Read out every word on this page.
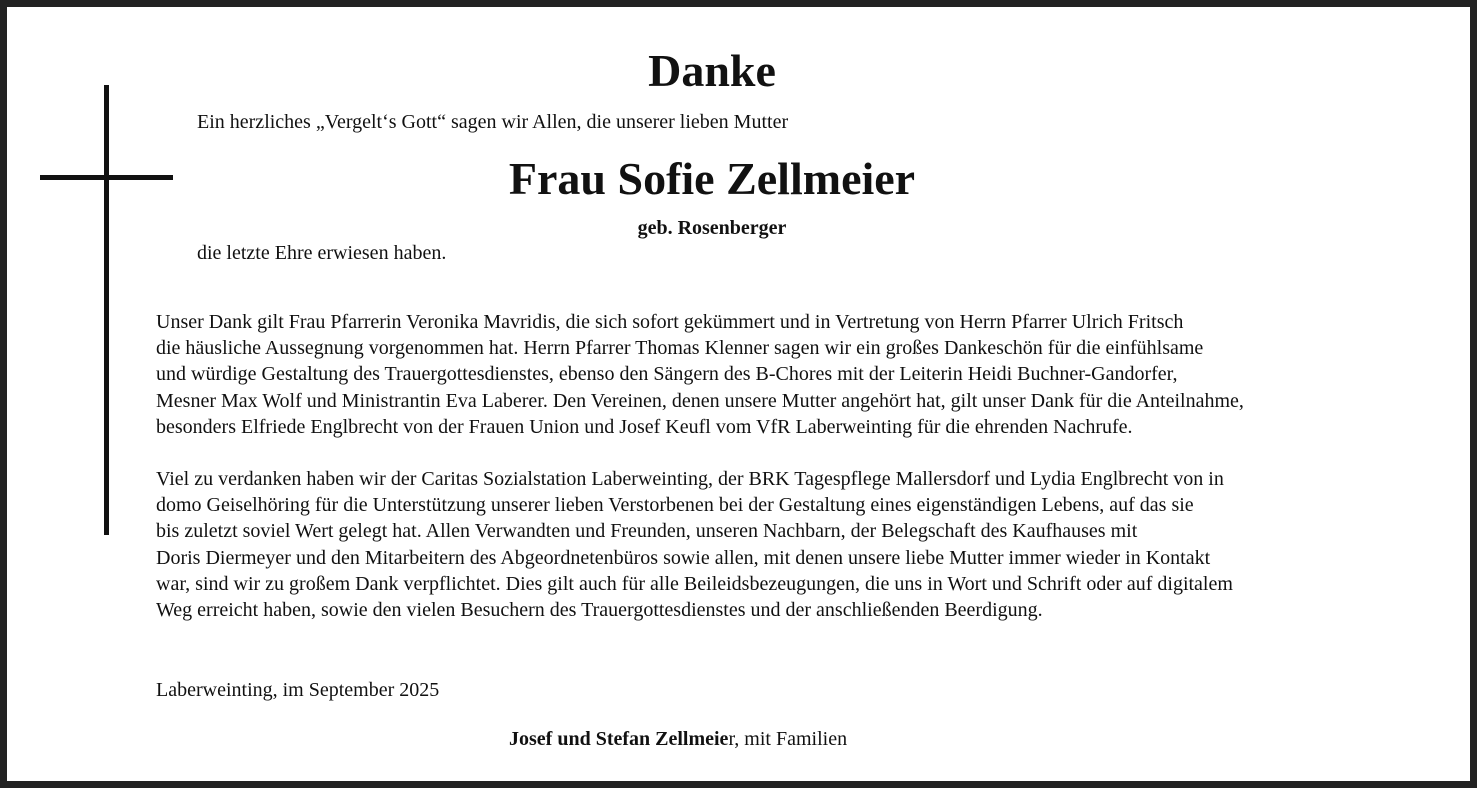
Danke
Ein herzliches „Vergelt‘s Gott“ sagen wir Allen, die unserer lieben Mutter
Frau Sofie Zellmeier
geb. Rosenberger
die letzte Ehre erwiesen haben.
Unser Dank gilt Frau Pfarrerin Veronika Mavridis, die sich sofort gekümmert und in Vertretung von Herrn Pfarrer Ulrich Fritsch
die häusliche Aussegnung vorgenommen hat. Herrn Pfarrer Thomas Klenner sagen wir ein großes Dankeschön für die einfühlsame
und würdige Gestaltung des Trauergottesdienstes, ebenso den Sängern des B-Chores mit der Leiterin Heidi Buchner-Gandorfer,
Mesner Max Wolf und Ministrantin Eva Laberer. Den Vereinen, denen unsere Mutter angehört hat, gilt unser Dank für die Anteilnahme,
besonders Elfriede Englbrecht von der Frauen Union und Josef Keufl vom VfR Laberweinting für die ehrenden Nachrufe.
Viel zu verdanken haben wir der Caritas Sozialstation Laberweinting, der BRK Tagespflege Mallersdorf und Lydia Englbrecht von in
domo Geiselhöring für die Unterstützung unserer lieben Verstorbenen bei der Gestaltung eines eigenständigen Lebens, auf das sie
bis zuletzt soviel Wert gelegt hat. Allen Verwandten und Freunden, unseren Nachbarn, der Belegschaft des Kaufhauses mit
Doris Diermeyer und den Mitarbeitern des Abgeordnetenbüros sowie allen, mit denen unsere liebe Mutter immer wieder in Kontakt
war, sind wir zu großem Dank verpflichtet. Dies gilt auch für alle Beileidsbezeugungen, die uns in Wort und Schrift oder auf digitalem
Weg erreicht haben, sowie den vielen Besuchern des Trauergottesdienstes und der anschließenden Beerdigung.
Laberweinting, im September 2025
Josef und Stefan Zellmeier, mit Familien
